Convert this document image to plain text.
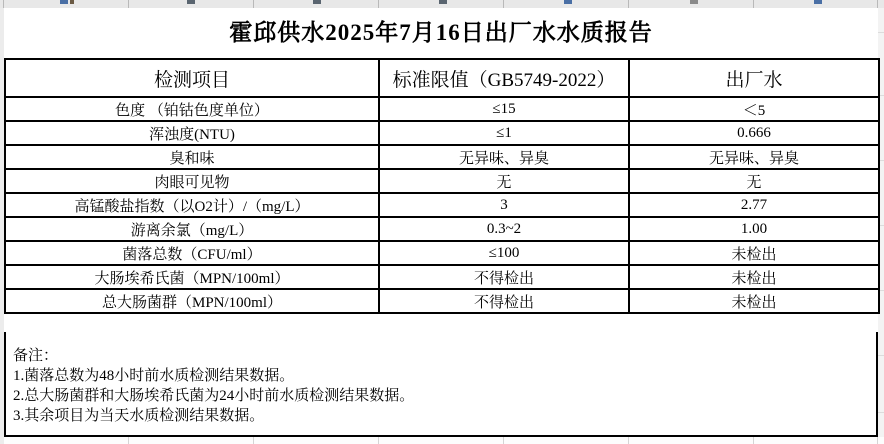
霍邱供水2025年7月16日出厂水水质报告
检测项目	标准限值（GB5749-2022）	出厂水
色度 （铂钴色度单位）	≤15	＜5
浑浊度(NTU)	≤1	0.666
臭和味	无异味、异臭	无异味、异臭
肉眼可见物	无	无
高锰酸盐指数（以O2计）/（mg/L）	3	2.77
游离余氯（mg/L）	0.3~2	1.00
菌落总数（CFU/ml）	≤100	未检出
大肠埃希氏菌（MPN/100ml）	不得检出	未检出
总大肠菌群（MPN/100ml）	不得检出	未检出
备注：
1.菌落总数为48小时前水质检测结果数据。
2.总大肠菌群和大肠埃希氏菌为24小时前水质检测结果数据。
3.其余项目为当天水质检测结果数据。
